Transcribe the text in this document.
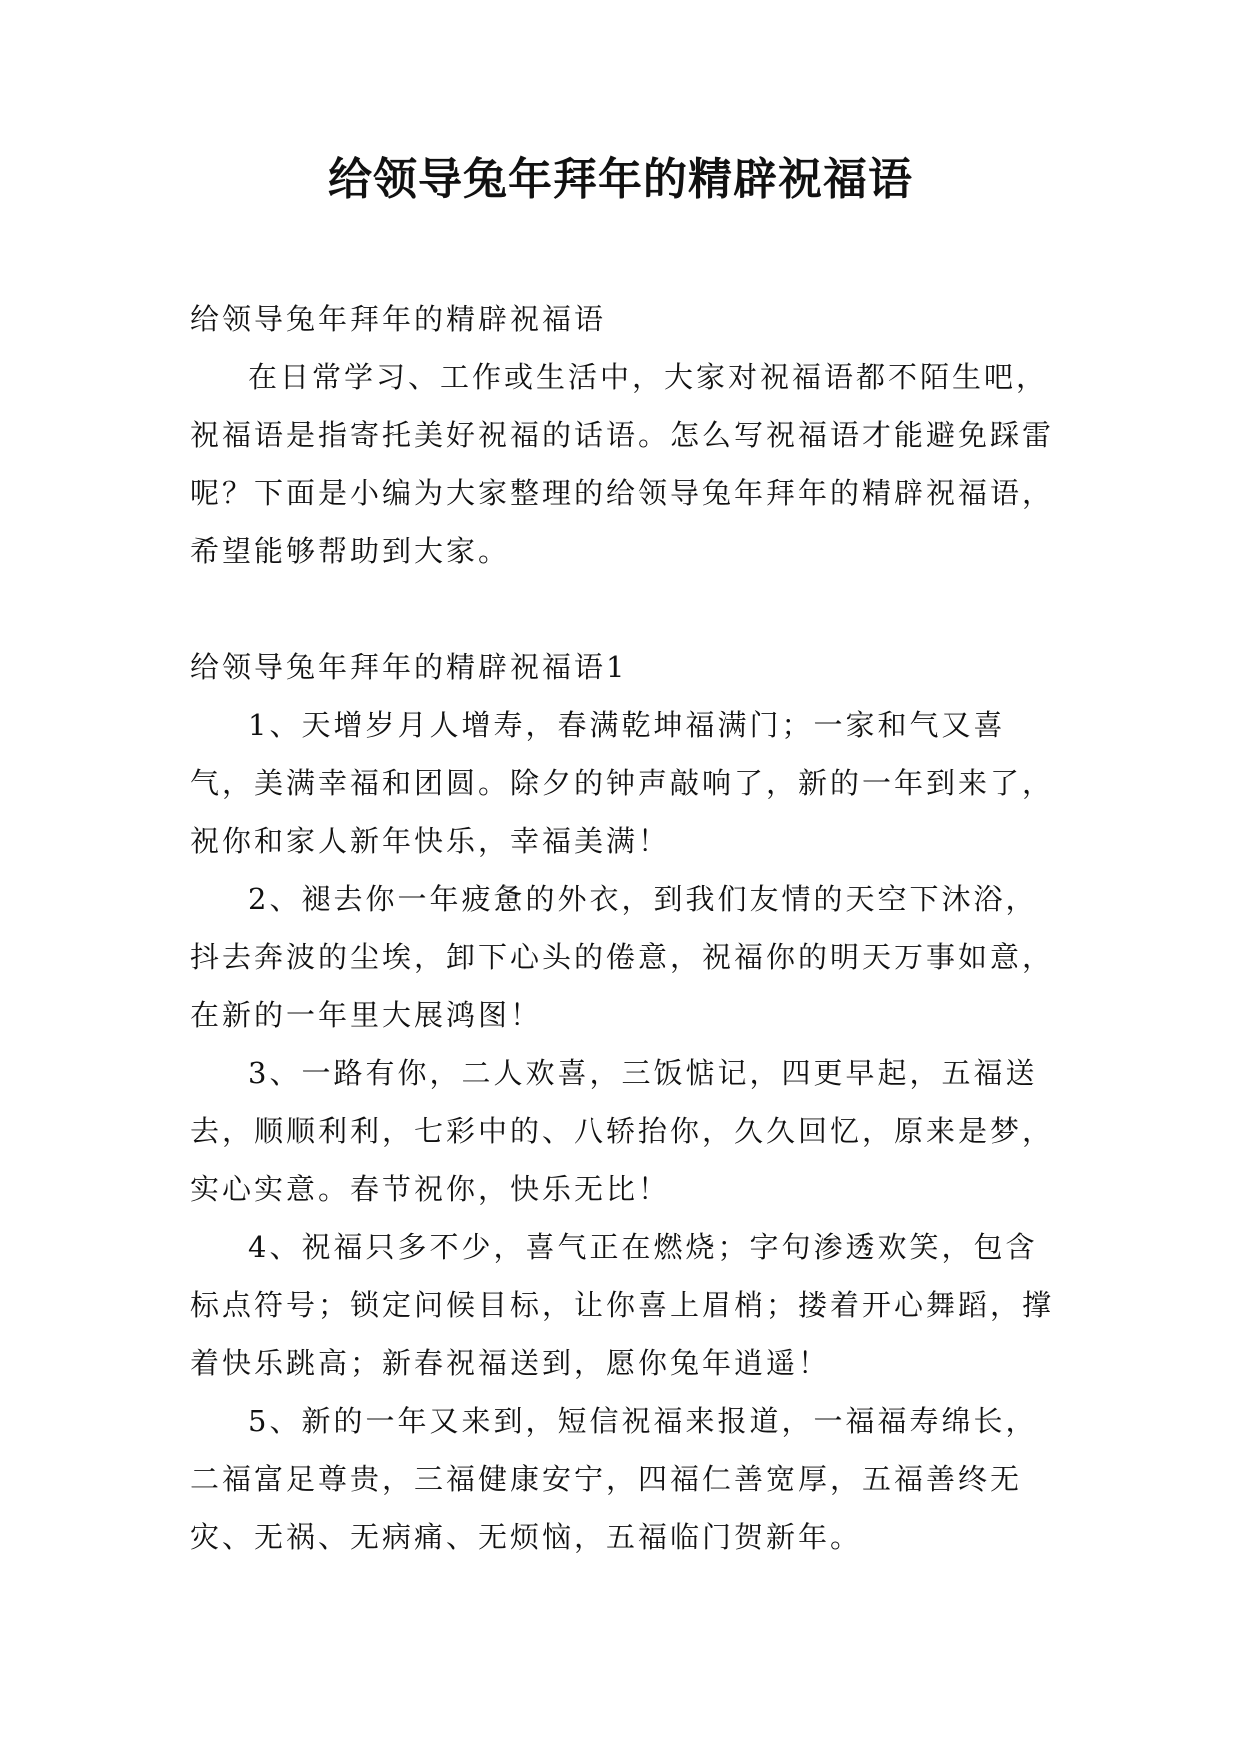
给领导兔年拜年的精辟祝福语

给领导兔年拜年的精辟祝福语

在日常学习、工作或生活中，大家对祝福语都不陌生吧，祝福语是指寄托美好祝福的话语。怎么写祝福语才能避免踩雷呢？下面是小编为大家整理的给领导兔年拜年的精辟祝福语，希望能够帮助到大家。

给领导兔年拜年的精辟祝福语1

1、天增岁月人增寿，春满乾坤福满门；一家和气又喜气，美满幸福和团圆。除夕的钟声敲响了，新的一年到来了，祝你和家人新年快乐，幸福美满！

2、褪去你一年疲惫的外衣，到我们友情的天空下沐浴，抖去奔波的尘埃，卸下心头的倦意，祝福你的明天万事如意，在新的一年里大展鸿图！

3、一路有你，二人欢喜，三饭惦记，四更早起，五福送去，顺顺利利，七彩中的、八轿抬你，久久回忆，原来是梦，实心实意。春节祝你，快乐无比！

4、祝福只多不少，喜气正在燃烧；字句渗透欢笑，包含标点符号；锁定问候目标，让你喜上眉梢；搂着开心舞蹈，撑着快乐跳高；新春祝福送到，愿你兔年逍遥！

5、新的一年又来到，短信祝福来报道，一福福寿绵长，二福富足尊贵，三福健康安宁，四福仁善宽厚，五福善终无灾、无祸、无病痛、无烦恼，五福临门贺新年。
